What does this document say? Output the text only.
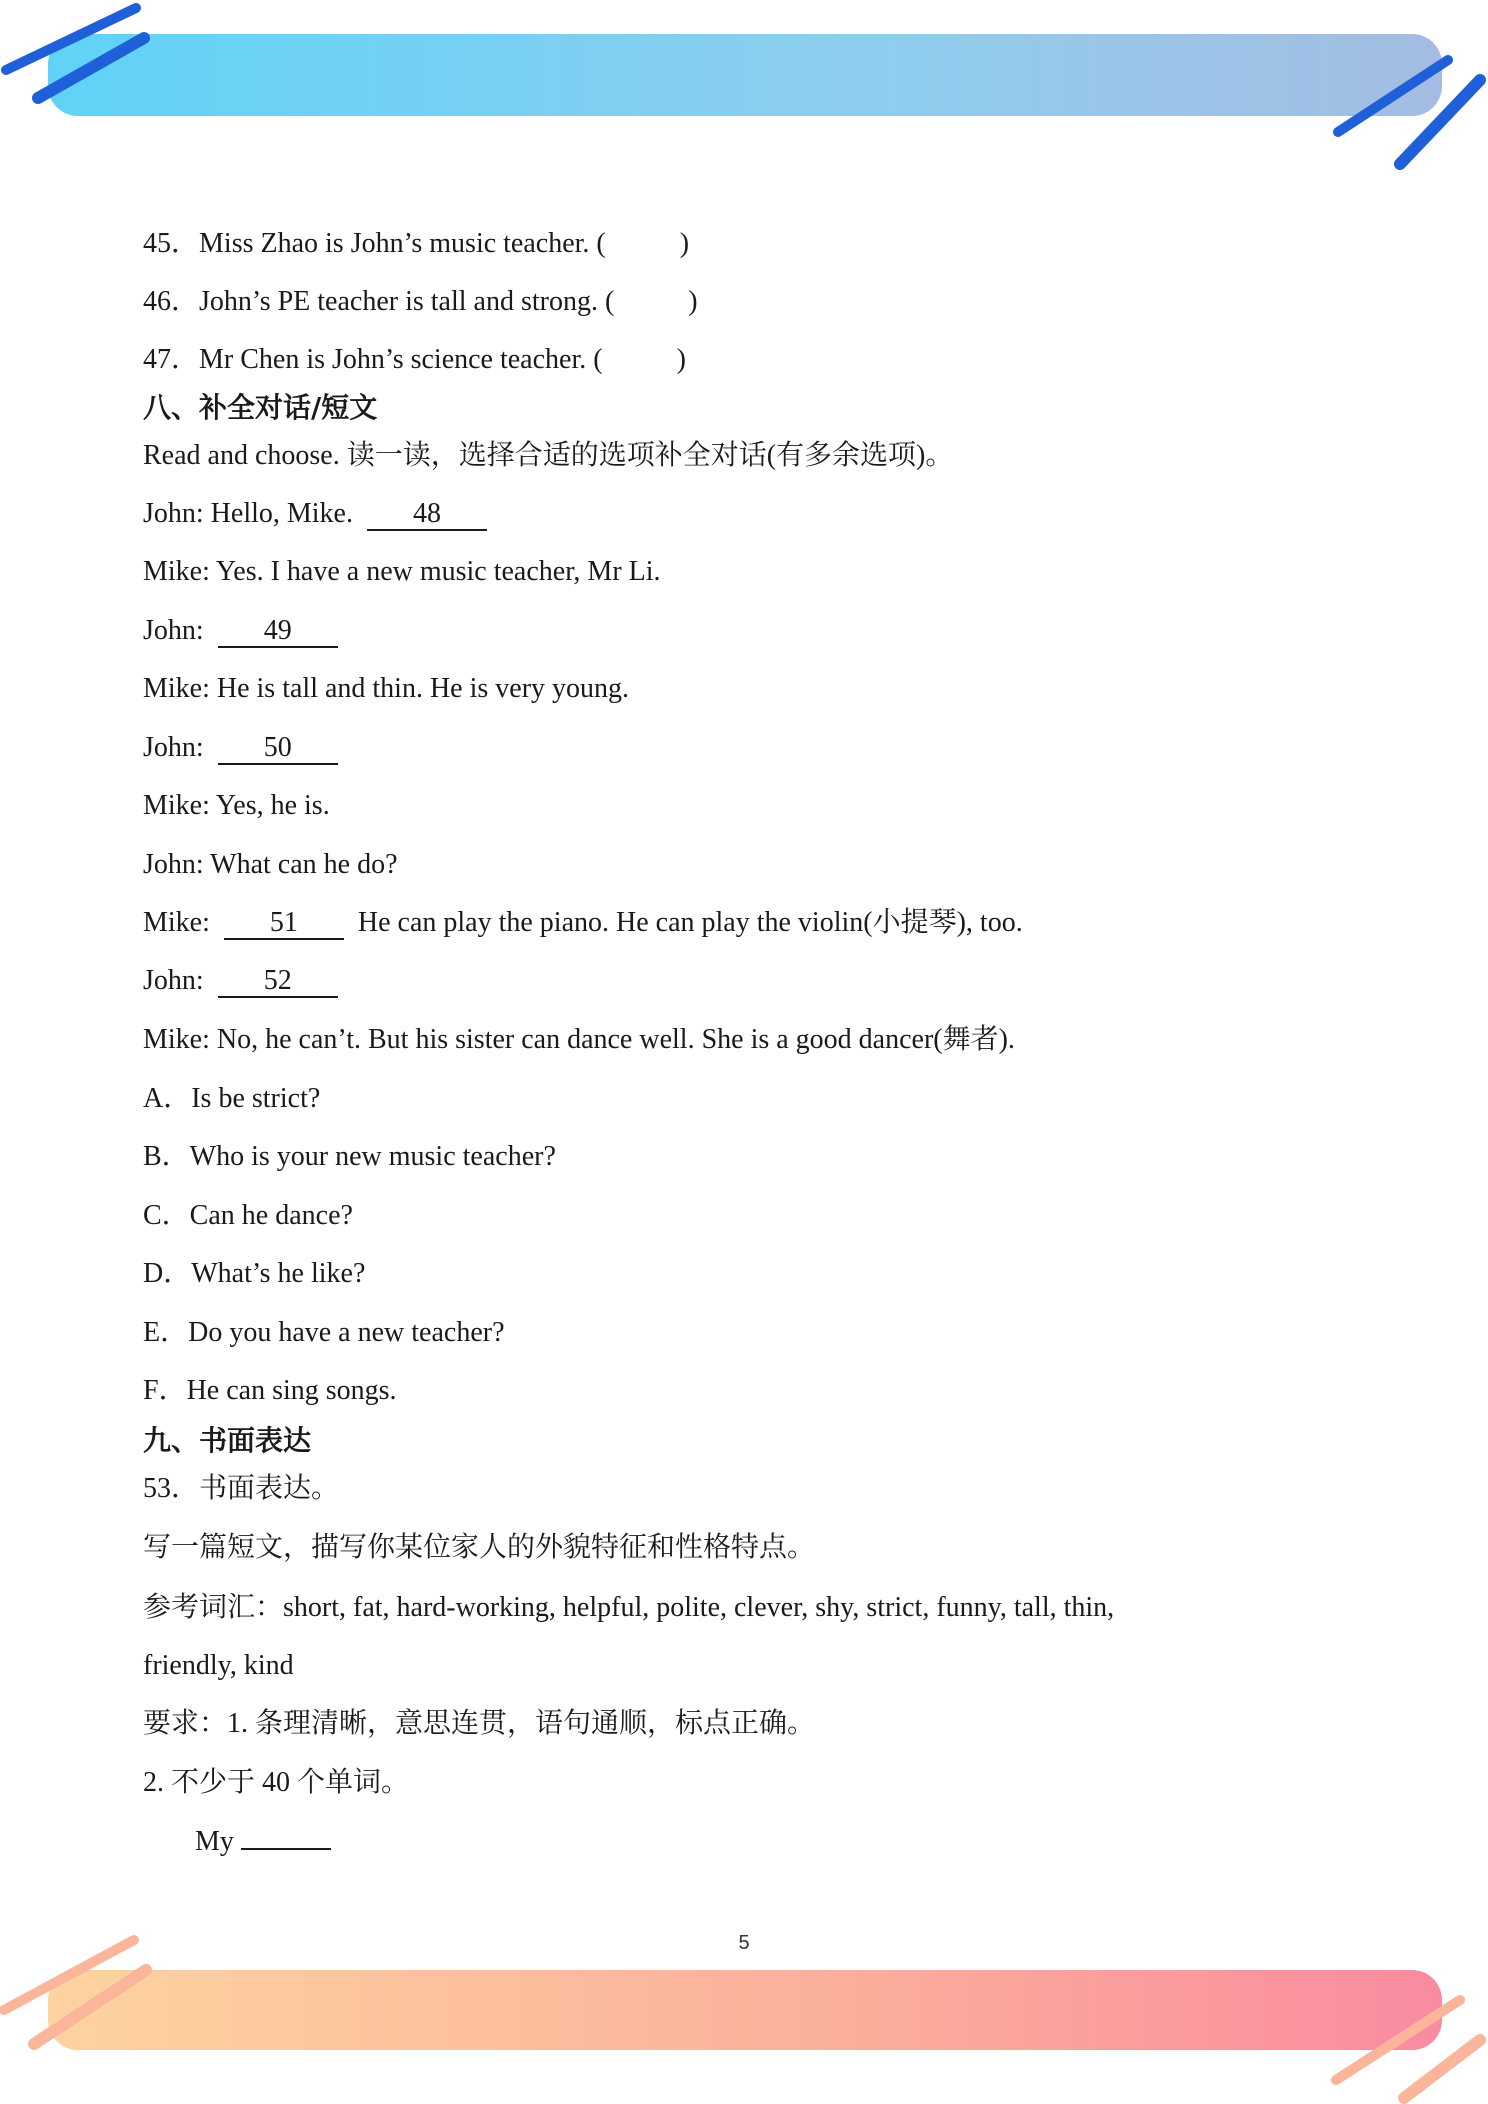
45．Miss Zhao is John’s music teacher. (	)
46．John’s PE teacher is tall and strong. (	)
47．Mr Chen is John’s science teacher. (	)
八、补全对话/短文
Read and choose. 读一读，选择合适的选项补全对话(有多余选项)。
John: Hello, Mike. 48
Mike: Yes. I have a new music teacher, Mr Li.
John: 49
Mike: He is tall and thin. He is very young.
John: 50
Mike: Yes, he is.
John: What can he do?
Mike: 51 He can play the piano. He can play the violin(小提琴), too.
John: 52
Mike: No, he can’t. But his sister can dance well. She is a good dancer(舞者).
A．Is be strict?
B．Who is your new music teacher?
C．Can he dance?
D．What’s he like?
E．Do you have a new teacher?
F．He can sing songs.
九、书面表达
53．书面表达。
写一篇短文，描写你某位家人的外貌特征和性格特点。
参考词汇：short, fat, hard-working, helpful, polite, clever, shy, strict, funny, tall, thin,
friendly, kind
要求：1. 条理清晰，意思连贯，语句通顺，标点正确。
2. 不少于 40 个单词。
My
5
